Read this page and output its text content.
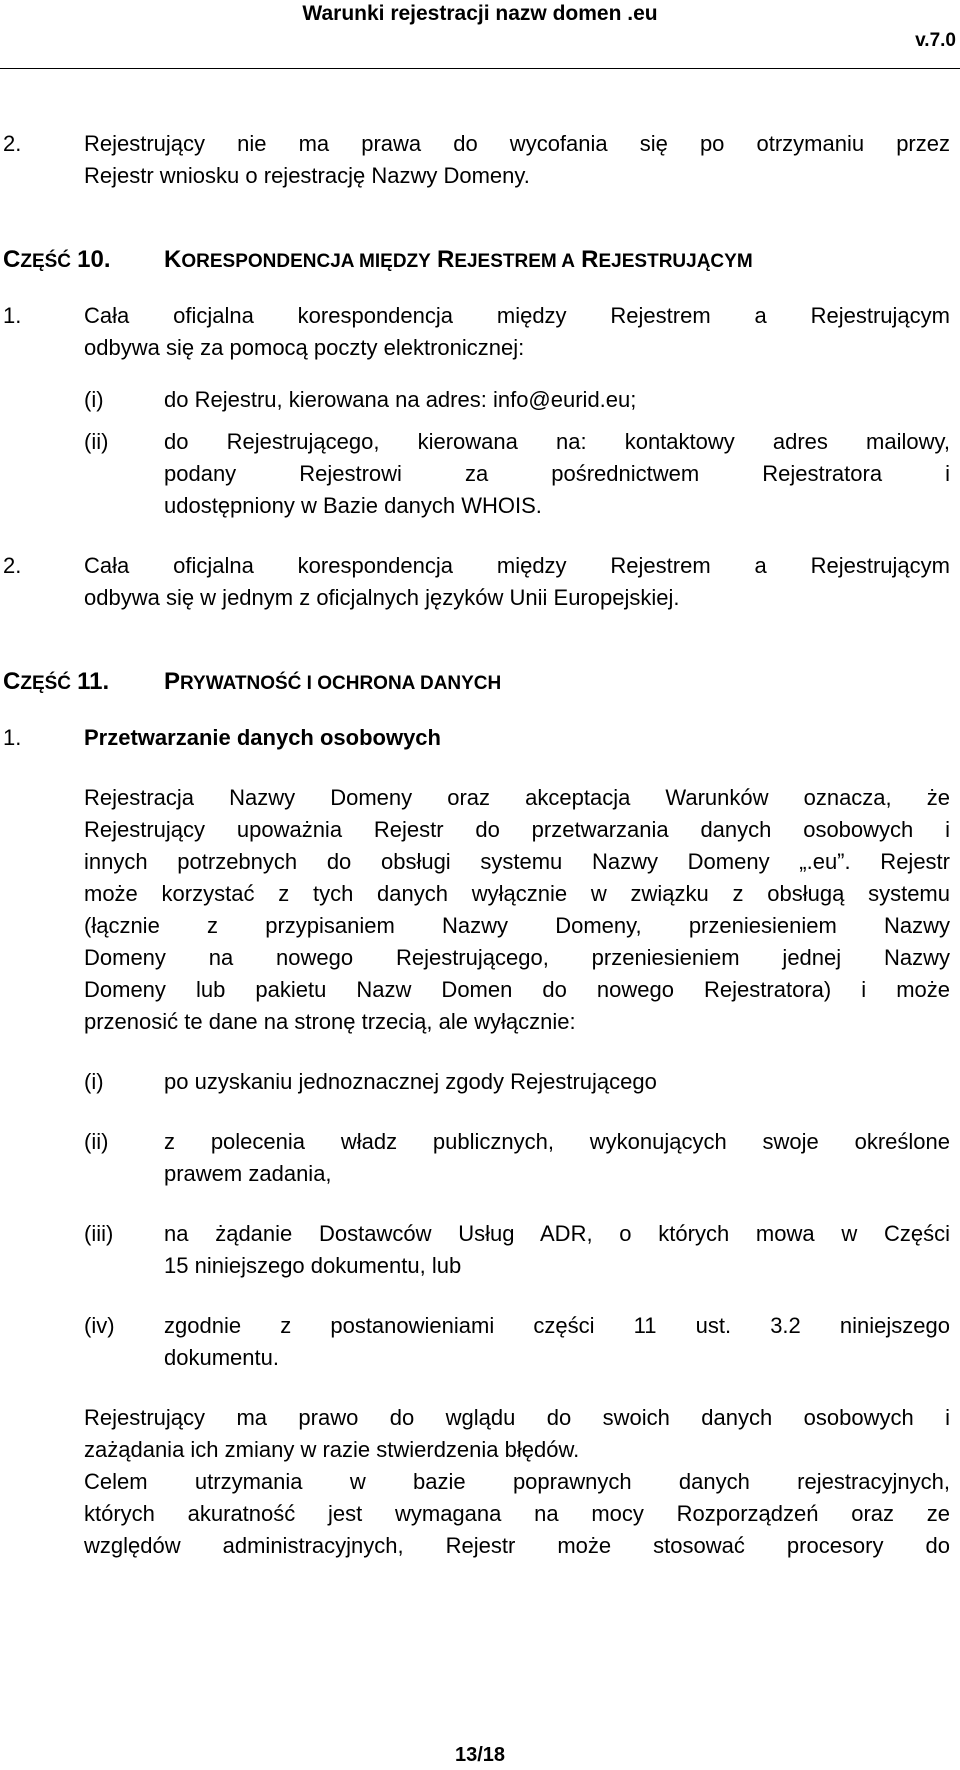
Warunki rejestracji nazw domen .eu
v.7.0
2.	Rejestrujący nie ma prawa do wycofania się po otrzymaniu przez
Rejestr wniosku o rejestrację Nazwy Domeny.
CZĘŚĆ 10. KORESPONDENCJA MIĘDZY REJESTREM A REJESTRUJĄCYM
1.	Cała oficjalna korespondencja między Rejestrem a Rejestrującym
odbywa się za pomocą poczty elektronicznej:
(i)	do Rejestru, kierowana na adres: info@eurid.eu;
(ii)	do Rejestrującego, kierowana na: kontaktowy adres mailowy,
podany Rejestrowi za pośrednictwem Rejestratora i
udostępniony w Bazie danych WHOIS.
2.	Cała oficjalna korespondencja między Rejestrem a Rejestrującym
odbywa się w jednym z oficjalnych języków Unii Europejskiej.
CZĘŚĆ 11. PRYWATNOŚĆ I OCHRONA DANYCH
1.	Przetwarzanie danych osobowych
Rejestracja Nazwy Domeny oraz akceptacja Warunków oznacza, że
Rejestrujący upoważnia Rejestr do przetwarzania danych osobowych i
innych potrzebnych do obsługi systemu Nazwy Domeny „.eu”. Rejestr
może korzystać z tych danych wyłącznie w związku z obsługą systemu
(łącznie z przypisaniem Nazwy Domeny, przeniesieniem Nazwy
Domeny na nowego Rejestrującego, przeniesieniem jednej Nazwy
Domeny lub pakietu Nazw Domen do nowego Rejestratora) i może
przenosić te dane na stronę trzecią, ale wyłącznie:
(i)	po uzyskaniu jednoznacznej zgody Rejestrującego
(ii)	z polecenia władz publicznych, wykonujących swoje określone
prawem zadania,
(iii) na żądanie Dostawców Usług ADR, o których mowa w Części
15 niniejszego dokumentu, lub
(iv) zgodnie z postanowieniami części 11 ust. 3.2 niniejszego
dokumentu.
Rejestrujący ma prawo do wglądu do swoich danych osobowych i
zażądania ich zmiany w razie stwierdzenia błędów.
Celem utrzymania w bazie poprawnych danych rejestracyjnych,
których akuratność jest wymagana na mocy Rozporządzeń oraz ze
względów administracyjnych, Rejestr może stosować procesory do
13/18
